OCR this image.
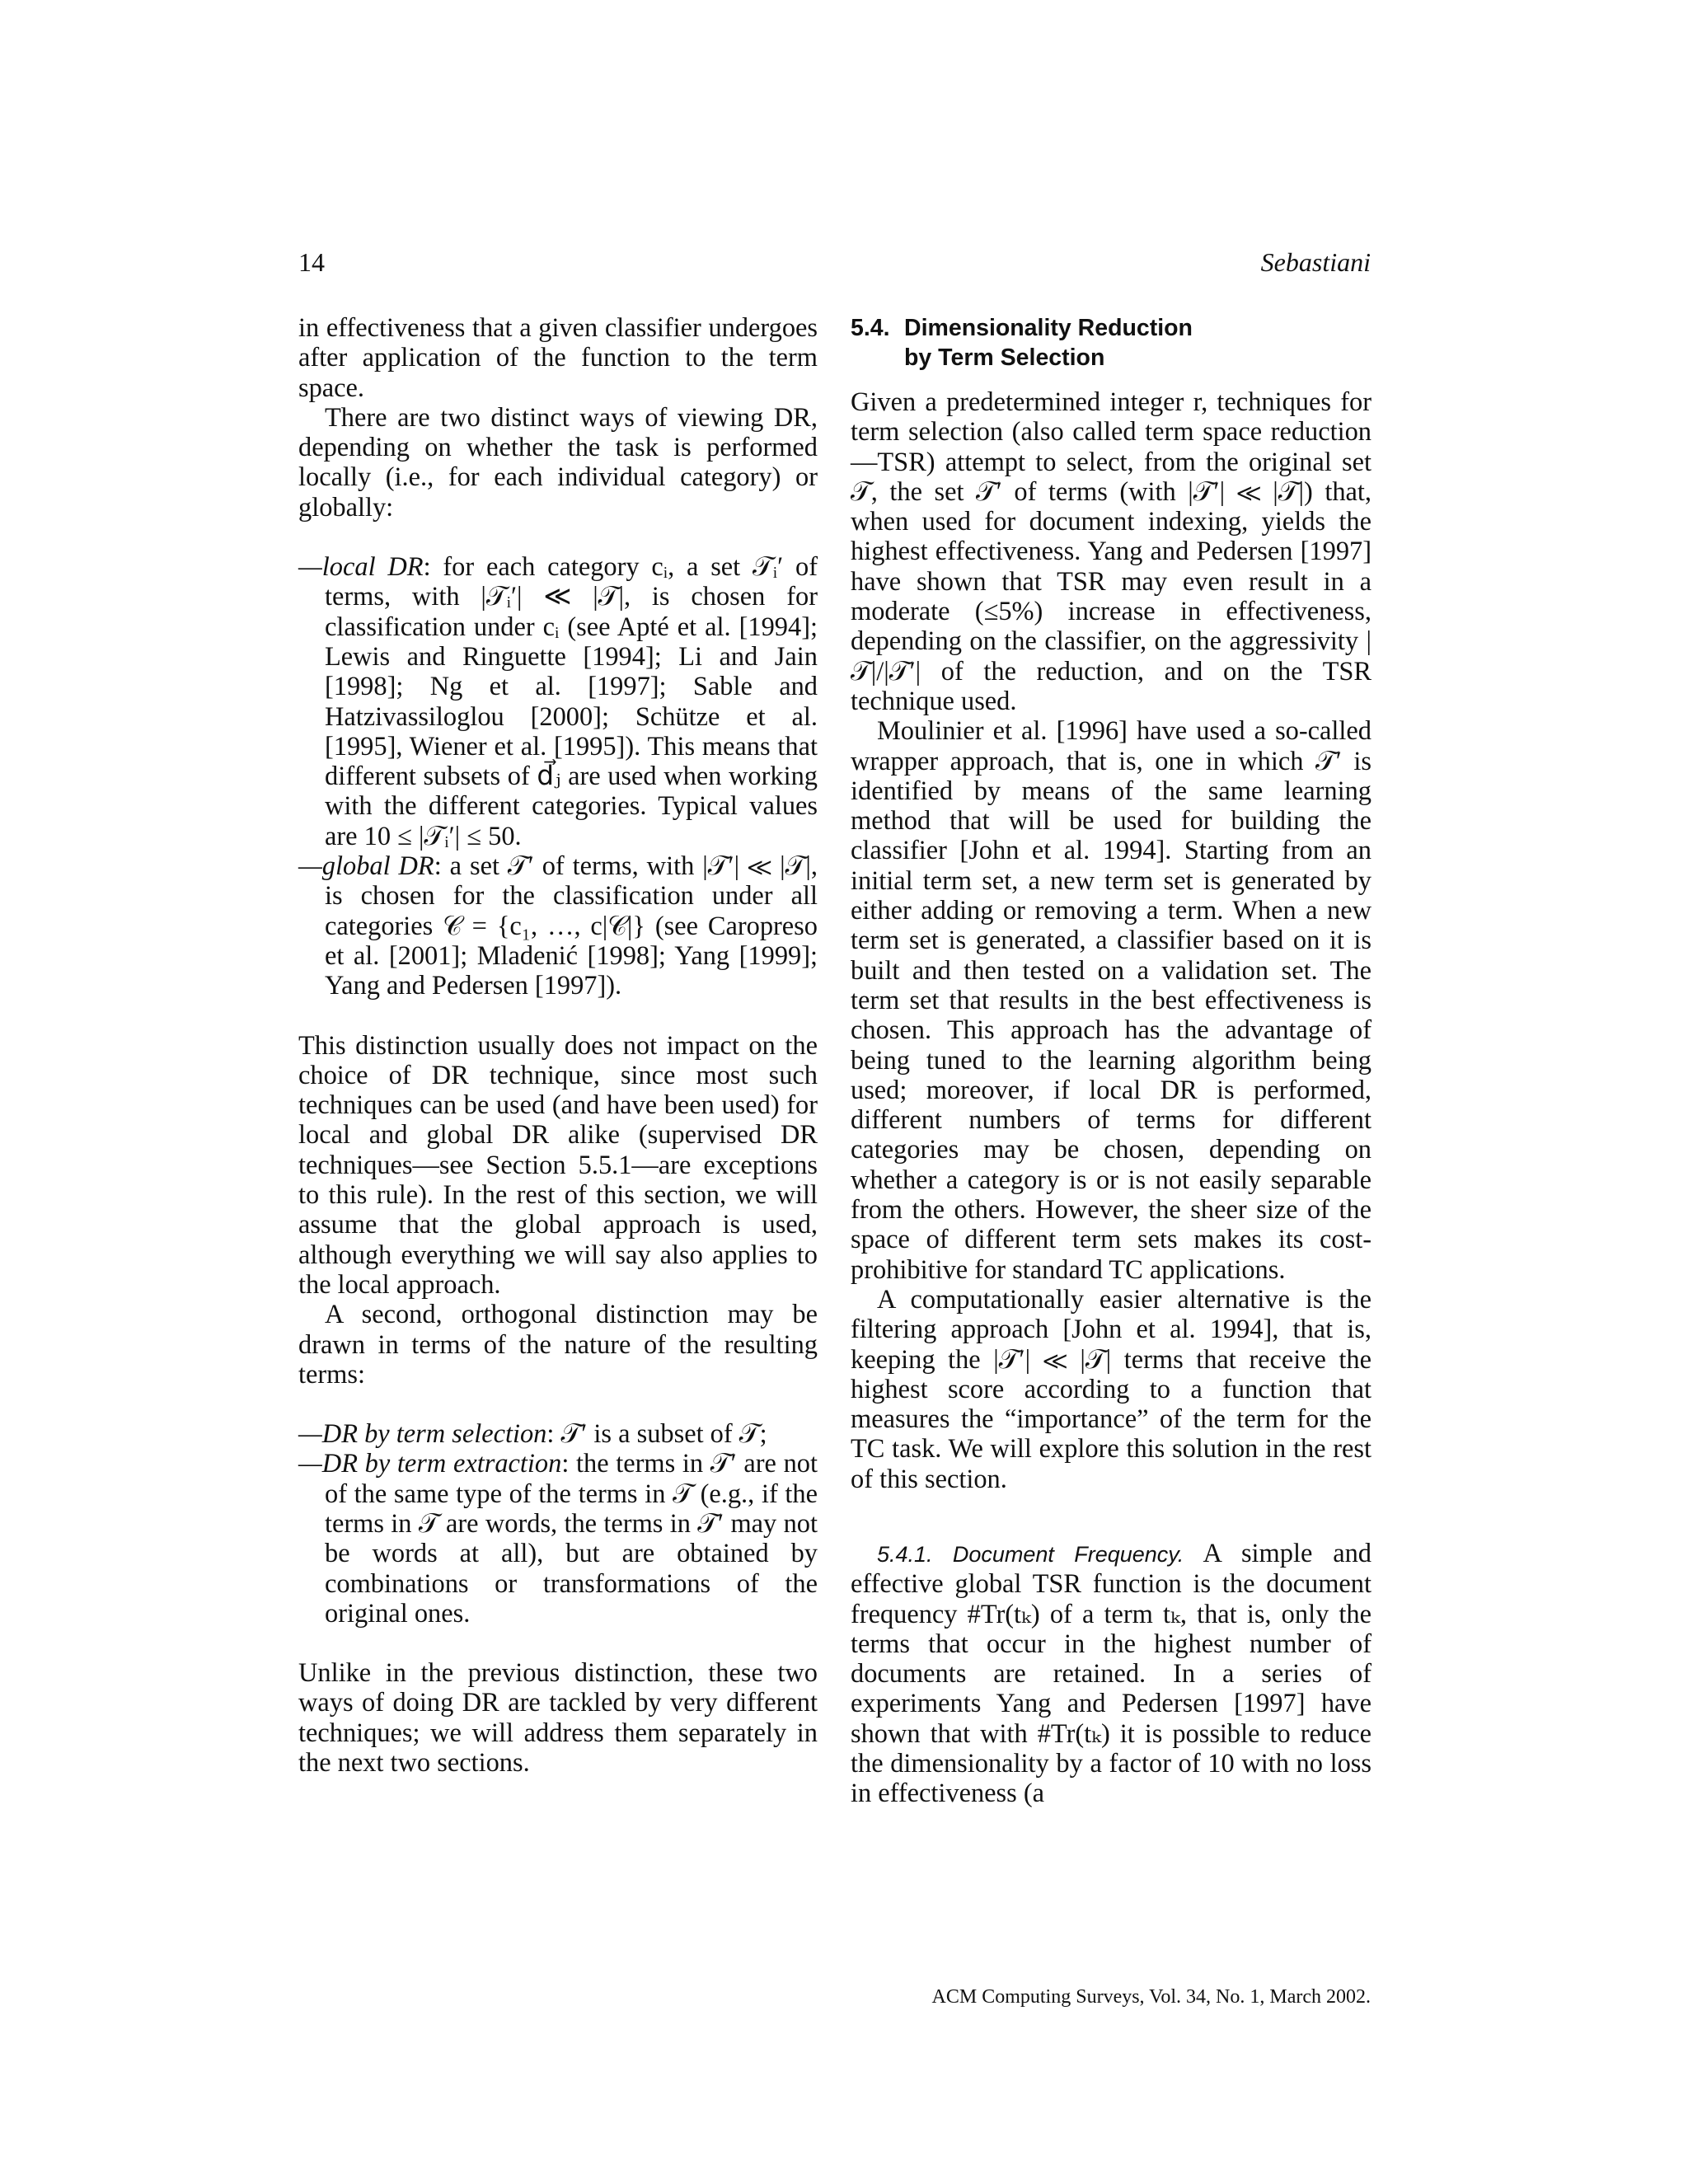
14	Sebastiani

in effectiveness that a given classifier undergoes after application of the function to the term space.

There are two distinct ways of viewing DR, depending on whether the task is performed locally (i.e., for each individual category) or globally:

—local DR: for each category cᵢ, a set 𝒯ᵢ′ of terms, with |𝒯ᵢ′| ≪ |𝒯|, is chosen for classification under cᵢ (see Apté et al. [1994]; Lewis and Ringuette [1994]; Li and Jain [1998]; Ng et al. [1997]; Sable and Hatzivassiloglou [2000]; Schütze et al. [1995], Wiener et al. [1995]). This means that different subsets of d⃗ⱼ are used when working with the different categories. Typical values are 10 ≤ |𝒯ᵢ′| ≤ 50.
—global DR: a set 𝒯′ of terms, with |𝒯′| ≪ |𝒯|, is chosen for the classification under all categories 𝒞 = {c₁, …, c|𝒞|} (see Caropreso et al. [2001]; Mladenić [1998]; Yang [1999]; Yang and Pedersen [1997]).

This distinction usually does not impact on the choice of DR technique, since most such techniques can be used (and have been used) for local and global DR alike (supervised DR techniques—see Section 5.5.1—are exceptions to this rule). In the rest of this section, we will assume that the global approach is used, although everything we will say also applies to the local approach.

A second, orthogonal distinction may be drawn in terms of the nature of the resulting terms:

—DR by term selection: 𝒯′ is a subset of 𝒯;
—DR by term extraction: the terms in 𝒯′ are not of the same type of the terms in 𝒯 (e.g., if the terms in 𝒯 are words, the terms in 𝒯′ may not be words at all), but are obtained by combinations or transformations of the original ones.

Unlike in the previous distinction, these two ways of doing DR are tackled by very different techniques; we will address them separately in the next two sections.

5.4. Dimensionality Reduction
by Term Selection

Given a predetermined integer r, techniques for term selection (also called term space reduction—TSR) attempt to select, from the original set 𝒯, the set 𝒯′ of terms (with |𝒯′| ≪ |𝒯|) that, when used for document indexing, yields the highest effectiveness. Yang and Pedersen [1997] have shown that TSR may even result in a moderate (≤5%) increase in effectiveness, depending on the classifier, on the aggressivity |𝒯|/|𝒯′| of the reduction, and on the TSR technique used.

Moulinier et al. [1996] have used a so-called wrapper approach, that is, one in which 𝒯′ is identified by means of the same learning method that will be used for building the classifier [John et al. 1994]. Starting from an initial term set, a new term set is generated by either adding or removing a term. When a new term set is generated, a classifier based on it is built and then tested on a validation set. The term set that results in the best effectiveness is chosen. This approach has the advantage of being tuned to the learning algorithm being used; moreover, if local DR is performed, different numbers of terms for different categories may be chosen, depending on whether a category is or is not easily separable from the others. However, the sheer size of the space of different term sets makes its cost-prohibitive for standard TC applications.

A computationally easier alternative is the filtering approach [John et al. 1994], that is, keeping the |𝒯′| ≪ |𝒯| terms that receive the highest score according to a function that measures the “importance” of the term for the TC task. We will explore this solution in the rest of this section.

5.4.1. Document Frequency. A simple and effective global TSR function is the document frequency #Tr(tₖ) of a term tₖ, that is, only the terms that occur in the highest number of documents are retained. In a series of experiments Yang and Pedersen [1997] have shown that with #Tr(tₖ) it is possible to reduce the dimensionality by a factor of 10 with no loss in effectiveness (a

ACM Computing Surveys, Vol. 34, No. 1, March 2002.
